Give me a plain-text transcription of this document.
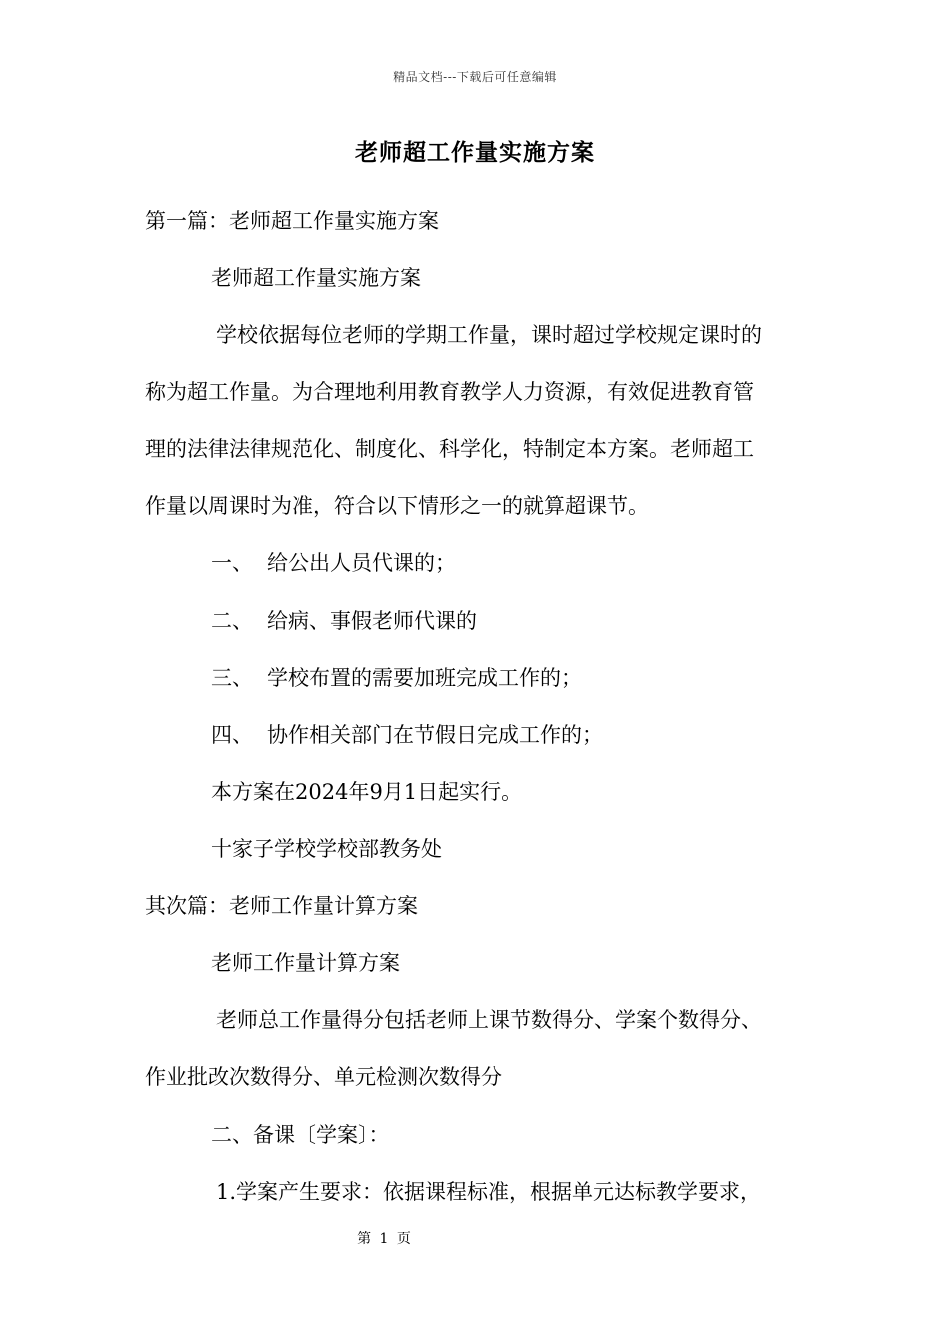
精品文档---下载后可任意编辑
老师超工作量实施方案
第一篇：老师超工作量实施方案
老师超工作量实施方案
学校依据每位老师的学期工作量，课时超过学校规定课时的
称为超工作量。为合理地利用教育教学人力资源，有效促进教育管
理的法律法律规范化、制度化、科学化，特制定本方案。老师超工
作量以周课时为准，符合以下情形之一的就算超课节。
一、 给公出人员代课的；
二、 给病、事假老师代课的
三、 学校布置的需要加班完成工作的；
四、 协作相关部门在节假日完成工作的；
本方案在2024年9月1日起实行。
十家子学校学校部教务处
其次篇：老师工作量计算方案
老师工作量计算方案
老师总工作量得分包括老师上课节数得分、学案个数得分、
作业批改次数得分、单元检测次数得分
二、备课〔学案〕：
1.学案产生要求：依据课程标准，根据单元达标教学要求，
第 1 页
